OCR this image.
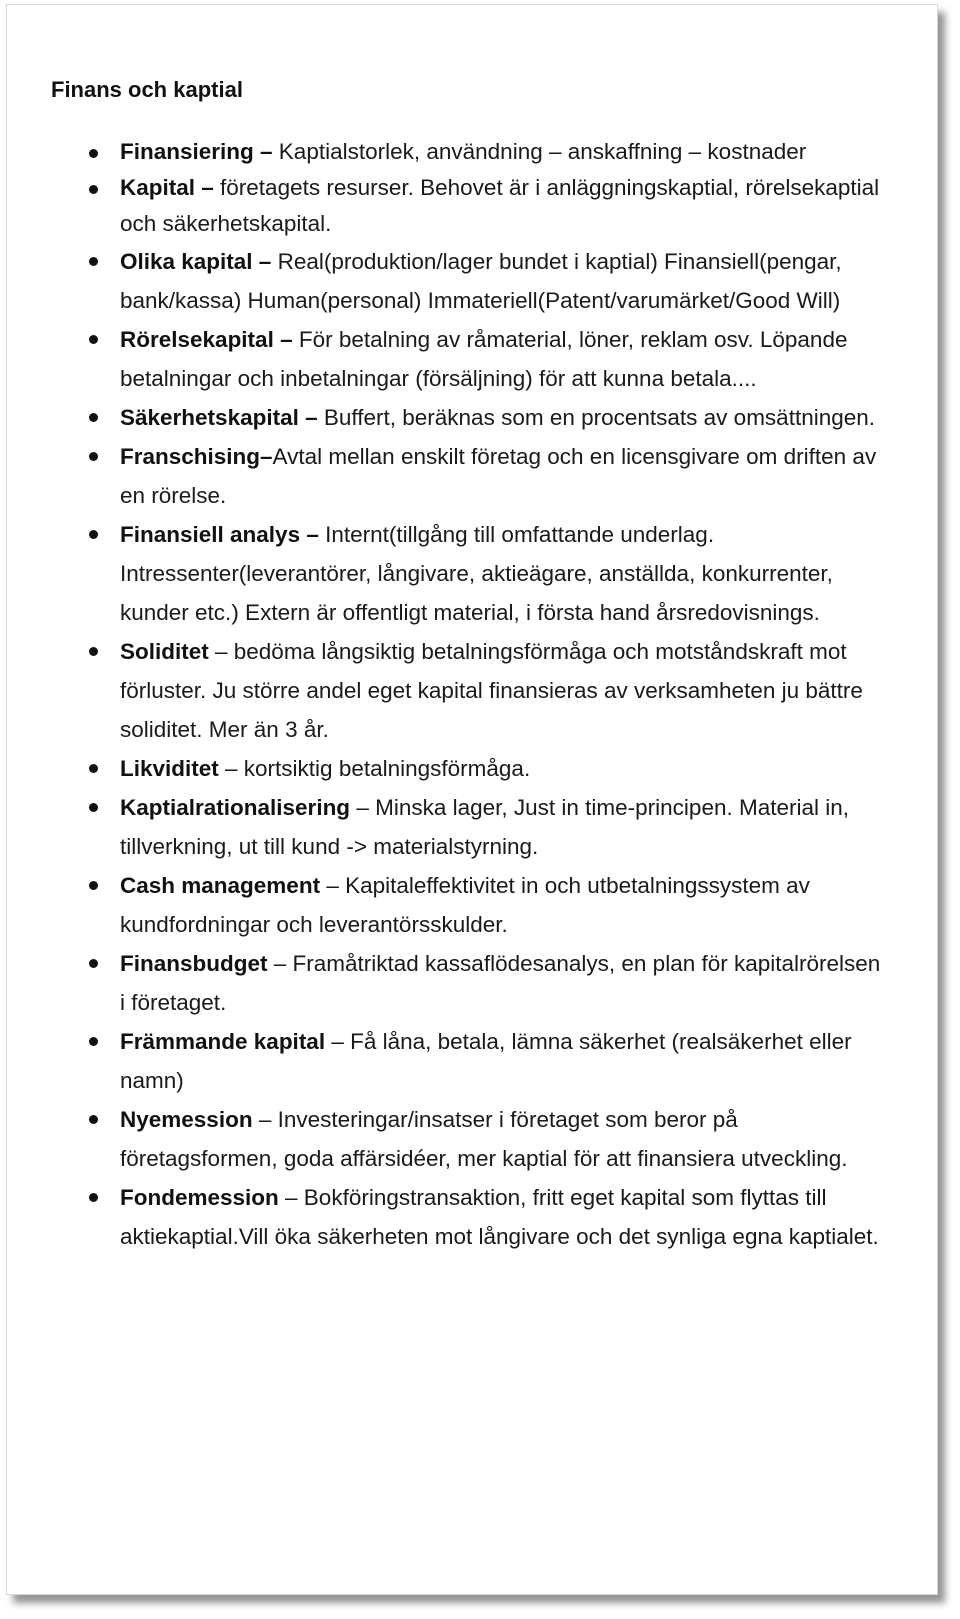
Finans och kaptial
Finansiering – Kaptialstorlek, användning – anskaffning – kostnader
Kapital – företagets resurser. Behovet är i anläggningskaptial, rörelsekaptial och säkerhetskapital.
Olika kapital – Real(produktion/lager bundet i kaptial) Finansiell(pengar, bank/kassa) Human(personal) Immateriell(Patent/varumärket/Good Will)
Rörelsekapital – För betalning av råmaterial, löner, reklam osv. Löpande betalningar och inbetalningar (försäljning) för att kunna betala....
Säkerhetskapital – Buffert, beräknas som en procentsats av omsättningen.
Franschising–Avtal mellan enskilt företag och en licensgivare om driften av en rörelse.
Finansiell analys – Internt(tillgång till omfattande underlag. Intressenter(leverantörer, långivare, aktieägare, anställda, konkurrenter, kunder etc.) Extern är offentligt material, i första hand årsredovisnings.
Soliditet – bedöma långsiktig betalningsförmåga och motståndskraft mot förluster. Ju större andel eget kapital finansieras av verksamheten ju bättre soliditet. Mer än 3 år.
Likviditet – kortsiktig betalningsförmåga.
Kaptialrationalisering – Minska lager, Just in time-principen. Material in, tillverkning, ut till kund -> materialstyrning.
Cash management – Kapitaleffektivitet in och utbetalningssystem av kundfordningar och leverantörsskulder.
Finansbudget – Framåtriktad kassaflödesanalys, en plan för kapitalrörelsen i företaget.
Främmande kapital – Få låna, betala, lämna säkerhet (realsäkerhet eller namn)
Nyemession – Investeringar/insatser i företaget som beror på företagsformen, goda affärsidéer, mer kaptial för att finansiera utveckling.
Fondemession – Bokföringstransaktion, fritt eget kapital som flyttas till aktiekaptial.Vill öka säkerheten mot långivare och det synliga egna kaptialet.
